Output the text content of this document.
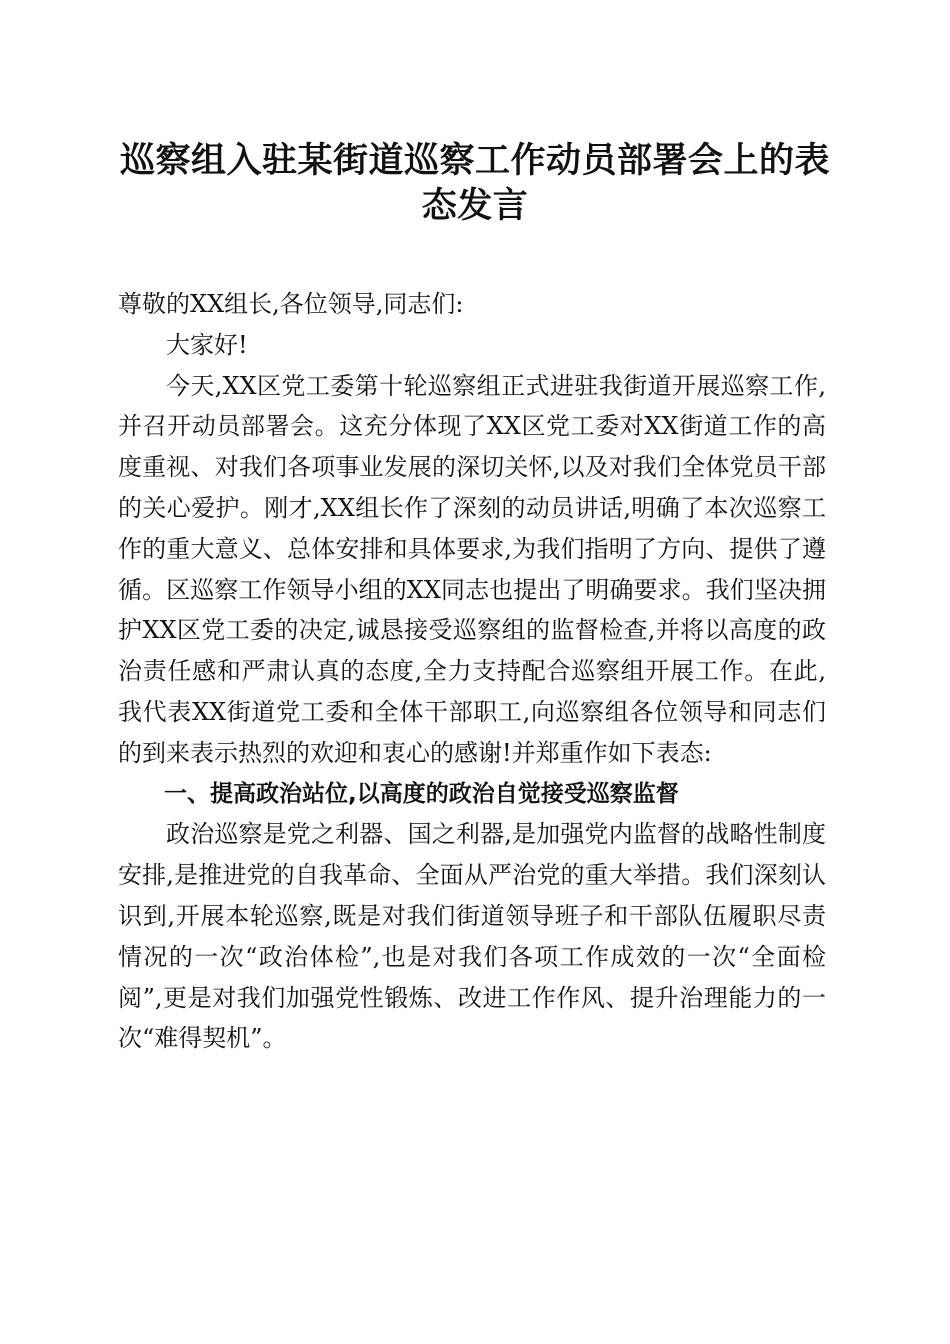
巡察组入驻某街道巡察工作动员部署会上的表态发言

尊敬的XX组长,各位领导,同志们:

大家好!

今天,XX区党工委第十轮巡察组正式进驻我街道开展巡察工作,并召开动员部署会。这充分体现了XX区党工委对XX街道工作的高度重视、对我们各项事业发展的深切关怀,以及对我们全体党员干部的关心爱护。刚才,XX组长作了深刻的动员讲话,明确了本次巡察工作的重大意义、总体安排和具体要求,为我们指明了方向、提供了遵循。区巡察工作领导小组的XX同志也提出了明确要求。我们坚决拥护XX区党工委的决定,诚恳接受巡察组的监督检查,并将以高度的政治责任感和严肃认真的态度,全力支持配合巡察组开展工作。在此,我代表XX街道党工委和全体干部职工,向巡察组各位领导和同志们的到来表示热烈的欢迎和衷心的感谢!并郑重作如下表态:

一、提高政治站位,以高度的政治自觉接受巡察监督

政治巡察是党之利器、国之利器,是加强党内监督的战略性制度安排,是推进党的自我革命、全面从严治党的重大举措。我们深刻认识到,开展本轮巡察,既是对我们街道领导班子和干部队伍履职尽责情况的一次“政治体检”,也是对我们各项工作成效的一次“全面检阅”,更是对我们加强党性锻炼、改进工作作风、提升治理能力的一次“难得契机”。
